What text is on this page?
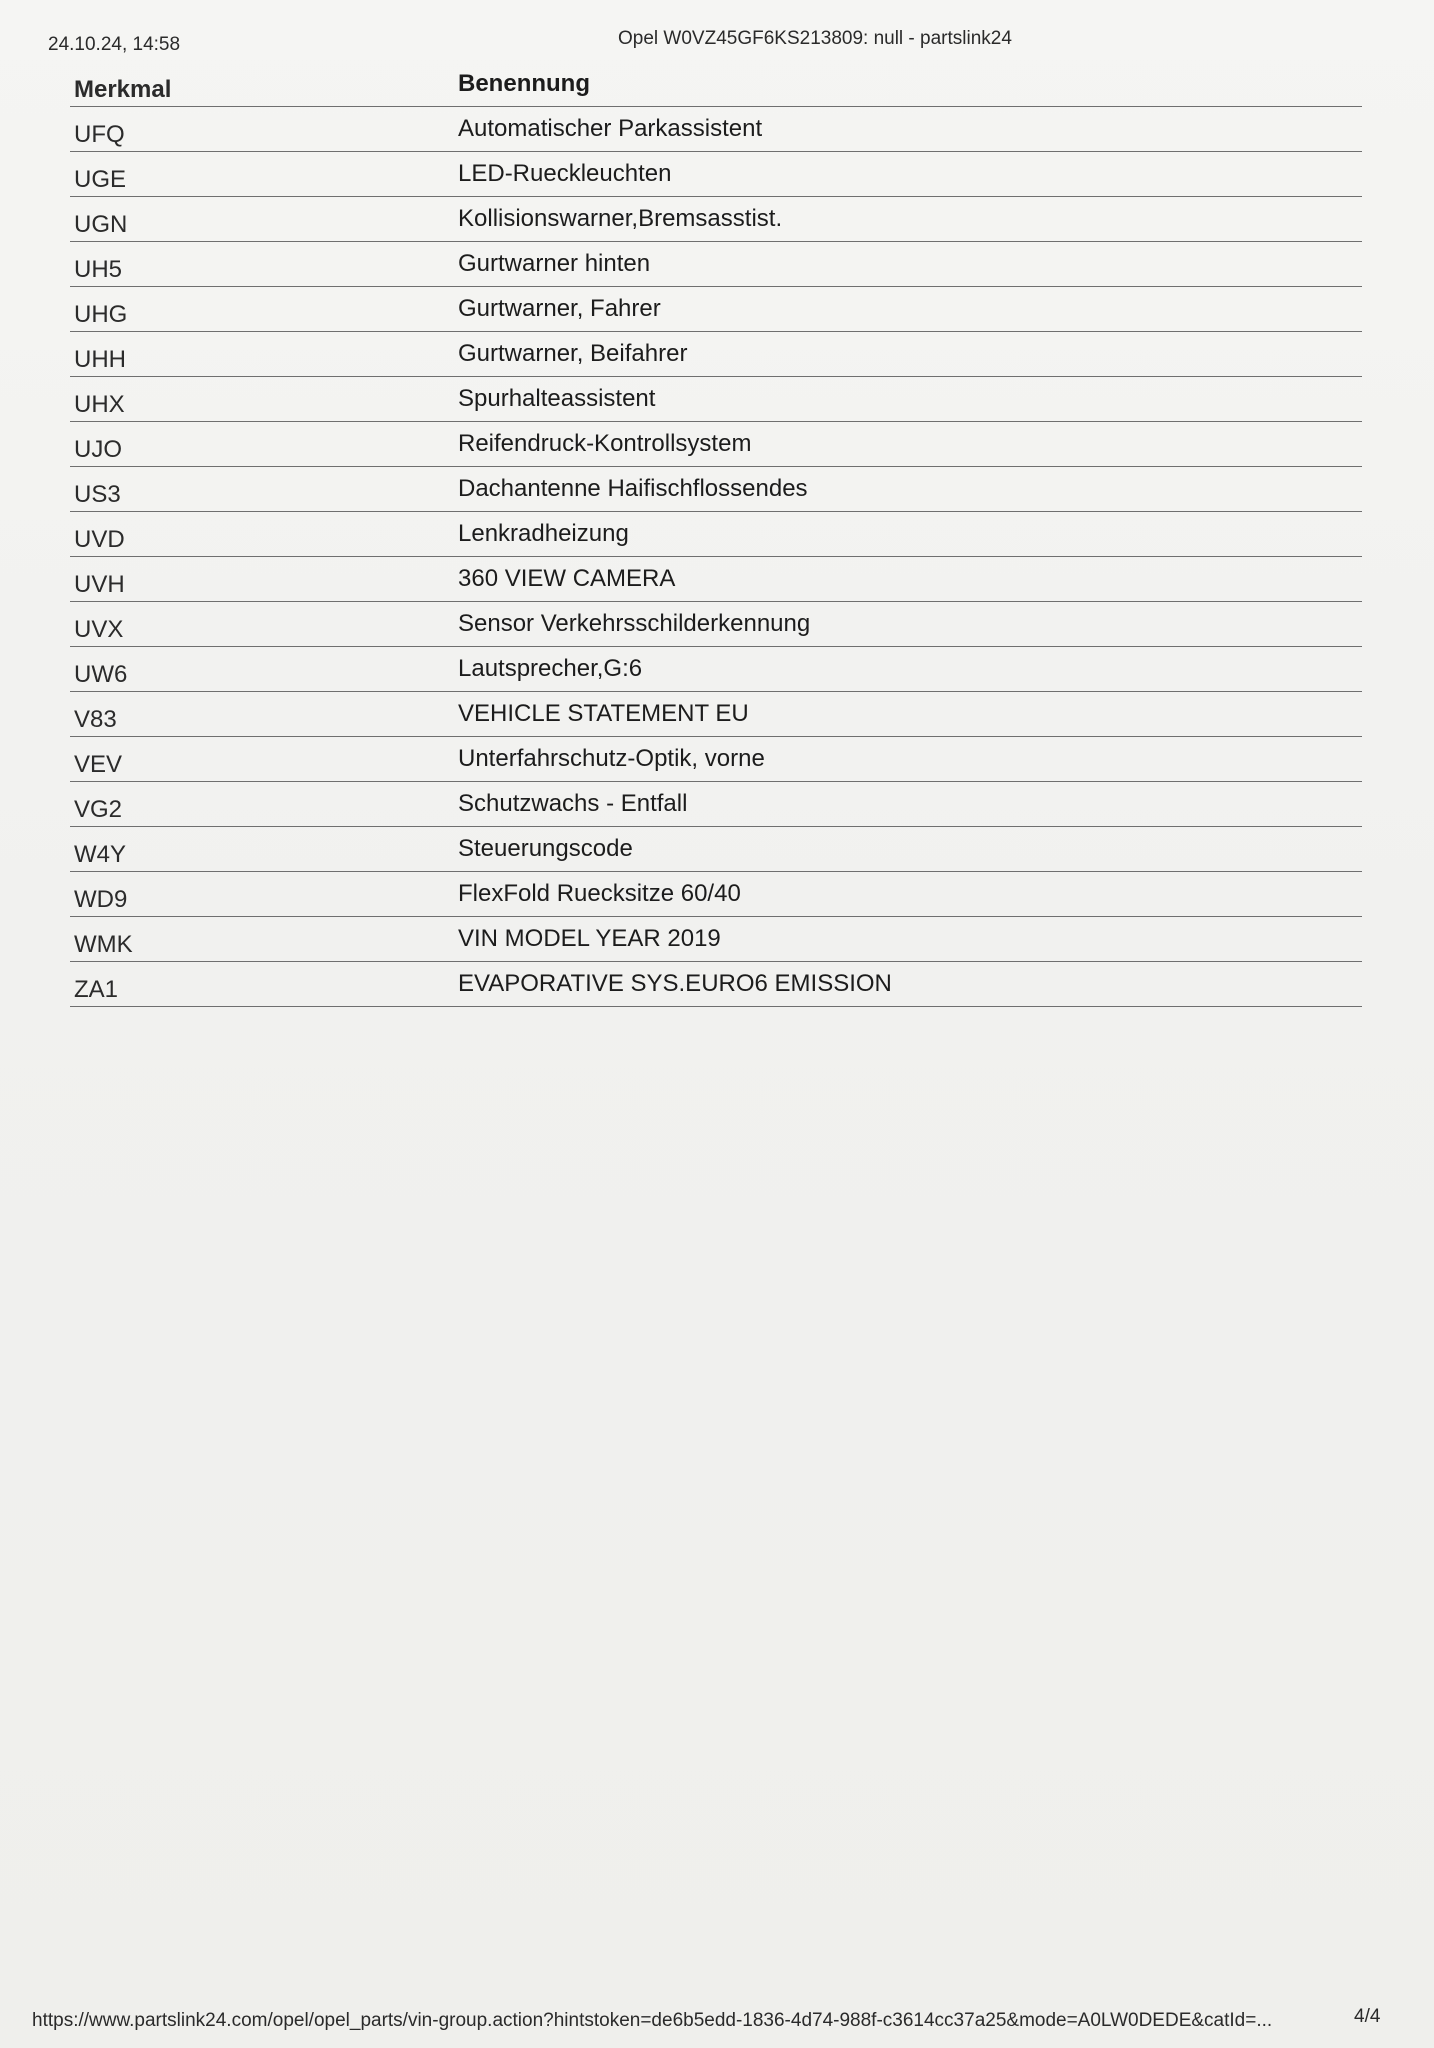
24.10.24, 14:58	Opel W0VZ45GF6KS213809: null - partslink24
Merkmal	Benennung
UFQ	Automatischer Parkassistent
UGE	LED-Rueckleuchten
UGN	Kollisionswarner,Bremsasstist.
UH5	Gurtwarner hinten
UHG	Gurtwarner, Fahrer
UHH	Gurtwarner, Beifahrer
UHX	Spurhalteassistent
UJO	Reifendruck-Kontrollsystem
US3	Dachantenne Haifischflossendes
UVD	Lenkradheizung
UVH	360 VIEW CAMERA
UVX	Sensor Verkehrsschilderkennung
UW6	Lautsprecher,G:6
V83	VEHICLE STATEMENT EU
VEV	Unterfahrschutz-Optik, vorne
VG2	Schutzwachs - Entfall
W4Y	Steuerungscode
WD9	FlexFold Ruecksitze 60/40
WMK	VIN MODEL YEAR 2019
ZA1	EVAPORATIVE SYS.EURO6 EMISSION
https://www.partslink24.com/opel/opel_parts/vin-group.action?hintstoken=de6b5edd-1836-4d74-988f-c3614cc37a25&mode=A0LW0DEDE&catId=...	4/4
